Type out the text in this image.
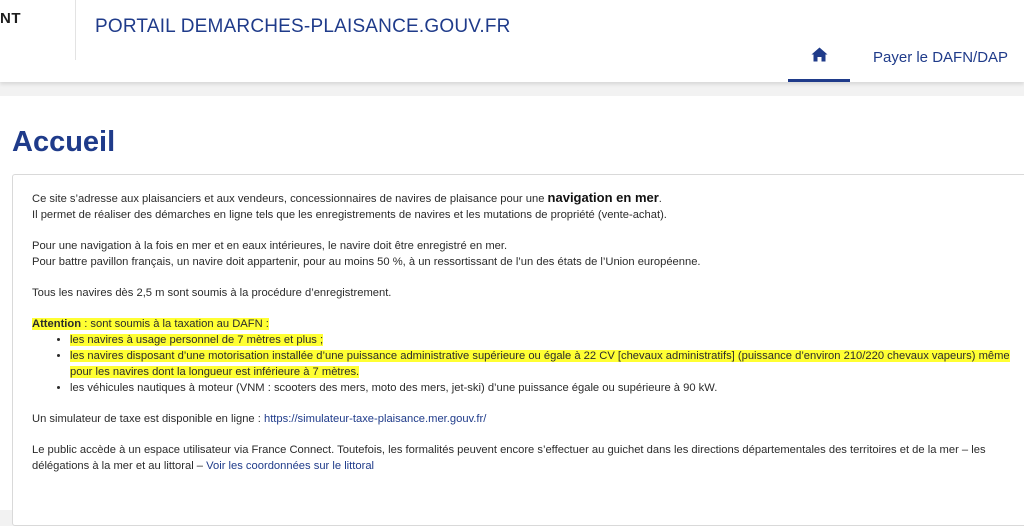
NT	PORTAIL DEMARCHES-PLAISANCE.GOUV.FR
Payer le DAFN/DAP
Accueil

Ce site s’adresse aux plaisanciers et aux vendeurs, concessionnaires de navires de plaisance pour une navigation en mer.
Il permet de réaliser des démarches en ligne tels que les enregistrements de navires et les mutations de propriété (vente-achat).

Pour une navigation à la fois en mer et en eaux intérieures, le navire doit être enregistré en mer.
Pour battre pavillon français, un navire doit appartenir, pour au moins 50 %, à un ressortissant de l’un des états de l’Union européenne.

Tous les navires dès 2,5 m sont soumis à la procédure d’enregistrement.

Attention : sont soumis à la taxation au DAFN :
• les navires à usage personnel de 7 mètres et plus ;
• les navires disposant d’une motorisation installée d’une puissance administrative supérieure ou égale à 22 CV [chevaux administratifs] (puissance d’environ 210/220 chevaux vapeurs) même pour les navires dont la longueur est inférieure à 7 mètres.
• les véhicules nautiques à moteur (VNM : scooters des mers, moto des mers, jet-ski) d’une puissance égale ou supérieure à 90 kW.

Un simulateur de taxe est disponible en ligne : https://simulateur-taxe-plaisance.mer.gouv.fr/

Le public accède à un espace utilisateur via France Connect. Toutefois, les formalités peuvent encore s’effectuer au guichet dans les directions départementales des territoires et de la mer – les délégations à la mer et au littoral – Voir les coordonnées sur le littoral
